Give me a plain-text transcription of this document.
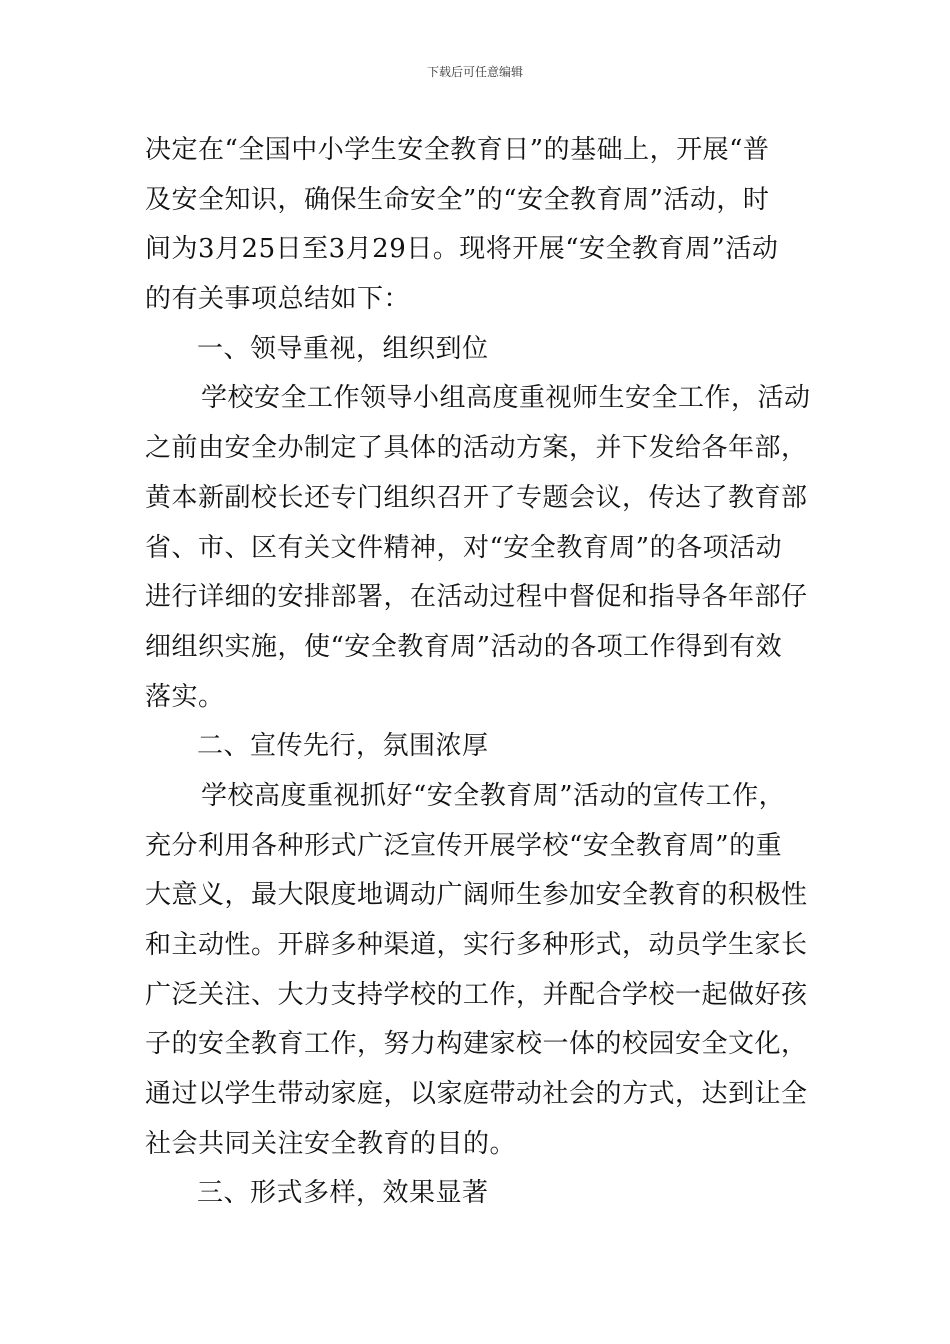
下载后可任意编辑
决定在“全国中小学生安全教育日”的基础上，开展“普
及安全知识，确保生命安全”的“安全教育周”活动，时
间为3月25日至3月29日。现将开展“安全教育周”活动
的有关事项总结如下：
一、领导重视，组织到位
学校安全工作领导小组高度重视师生安全工作，活动
之前由安全办制定了具体的活动方案，并下发给各年部，
黄本新副校长还专门组织召开了专题会议，传达了教育部
省、市、区有关文件精神，对“安全教育周”的各项活动
进行详细的安排部署，在活动过程中督促和指导各年部仔
细组织实施，使“安全教育周”活动的各项工作得到有效
落实。
二、宣传先行，氛围浓厚
学校高度重视抓好“安全教育周”活动的宣传工作，
充分利用各种形式广泛宣传开展学校“安全教育周”的重
大意义，最大限度地调动广阔师生参加安全教育的积极性
和主动性。开辟多种渠道，实行多种形式，动员学生家长
广泛关注、大力支持学校的工作，并配合学校一起做好孩
子的安全教育工作，努力构建家校一体的校园安全文化，
通过以学生带动家庭，以家庭带动社会的方式，达到让全
社会共同关注安全教育的目的。
三、形式多样，效果显著
